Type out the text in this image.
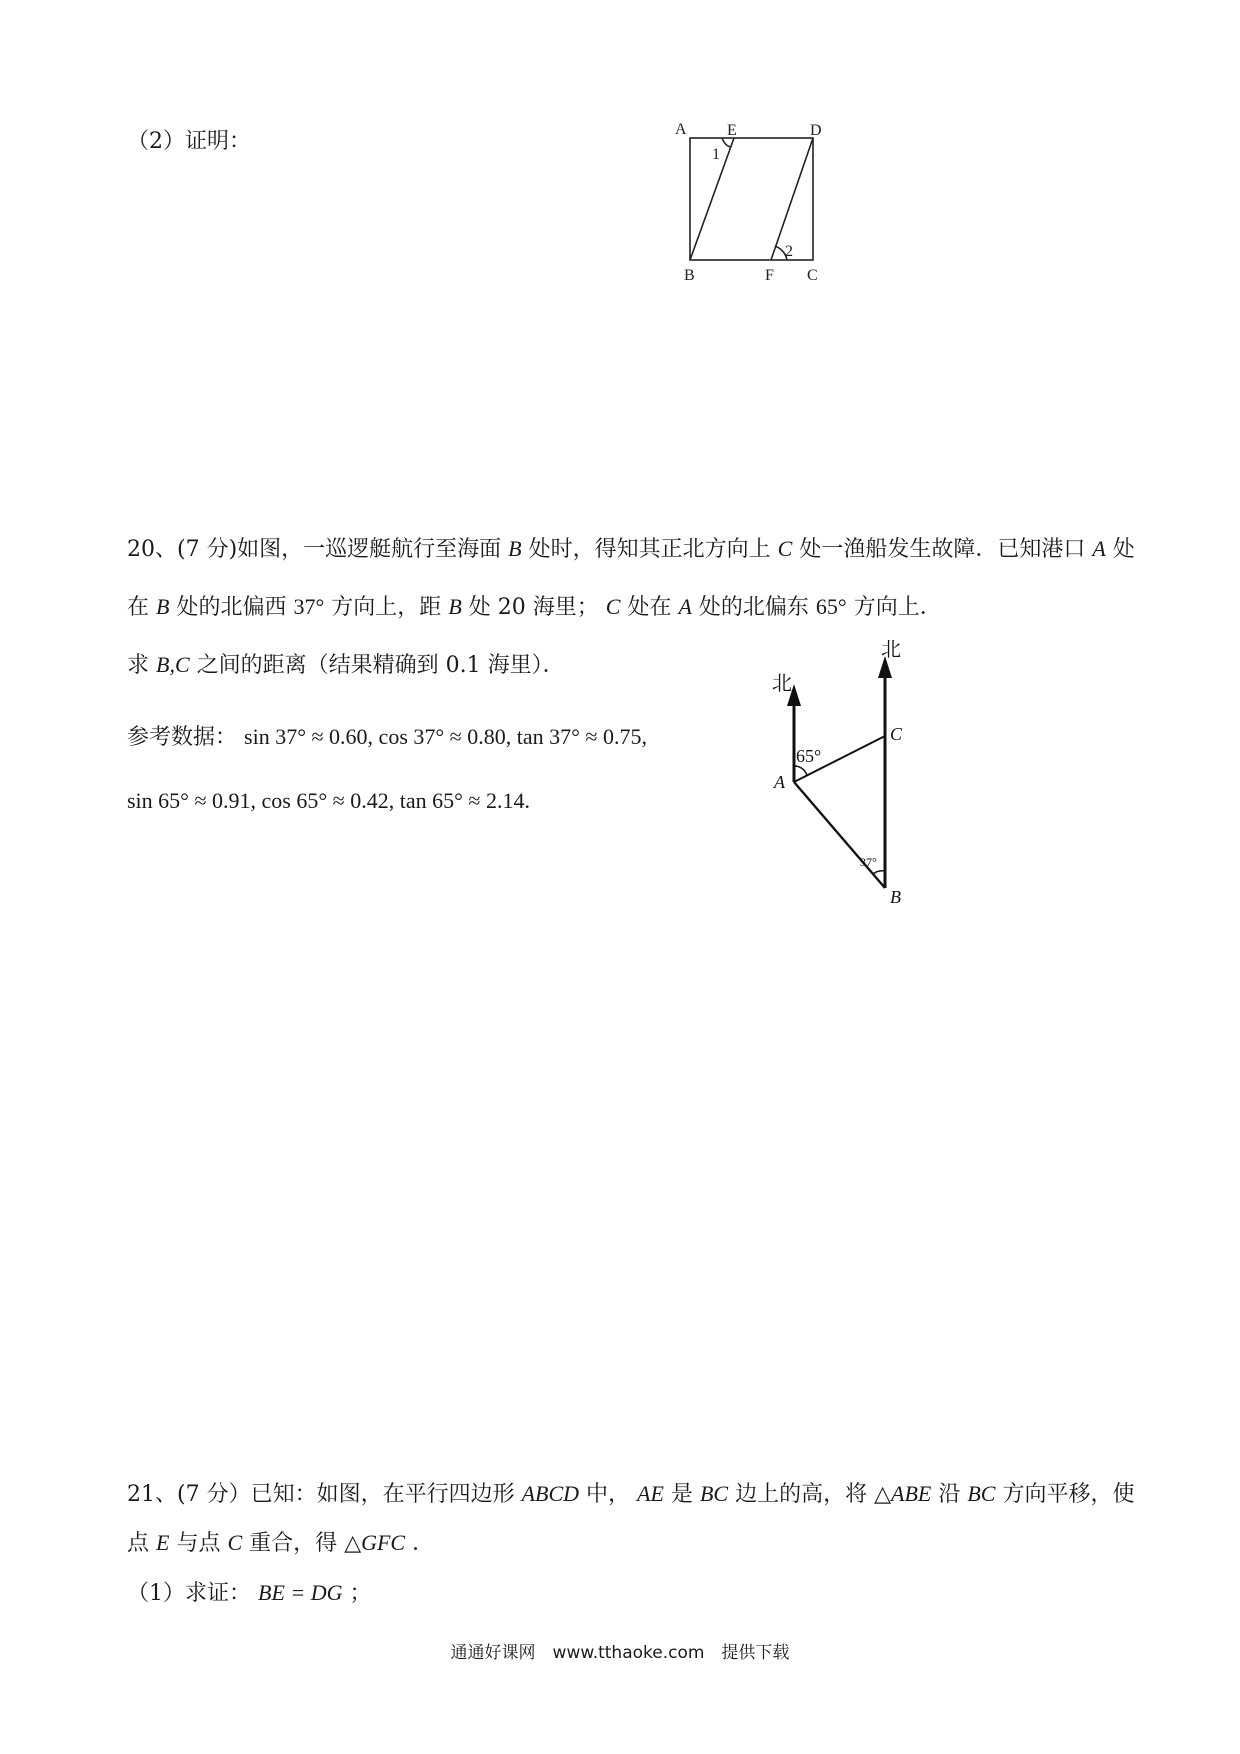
（2）证明：	A	E	D
B	F C
1
2
20、(7 分)如图，一巡逻艇航行至海面 B 处时，得知其正北方向上 C 处一渔船发生故障．已知港口 A 处
在 B 处的北偏西 37° 方向上，距 B 处 20 海里； C 处在 A 处的北偏东 65° 方向上．
求 B,C 之间的距离（结果精确到 0.1 海里）．
参考数据： sin 37° ≈ 0.60, cos 37° ≈ 0.80, tan 37° ≈ 0.75,
sin 65° ≈ 0.91, cos 65° ≈ 0.42, tan 65° ≈ 2.14.
北
北
65°
37°
A
B
C
21、(7 分）已知：如图，在平行四边形 ABCD 中， AE 是 BC 边上的高，将 △ABE 沿 BC 方向平移，使
点 E 与点 C 重合，得 △GFC ．
（1）求证： BE = DG ；
通通好课网　www.tthaoke.com　提供下载
